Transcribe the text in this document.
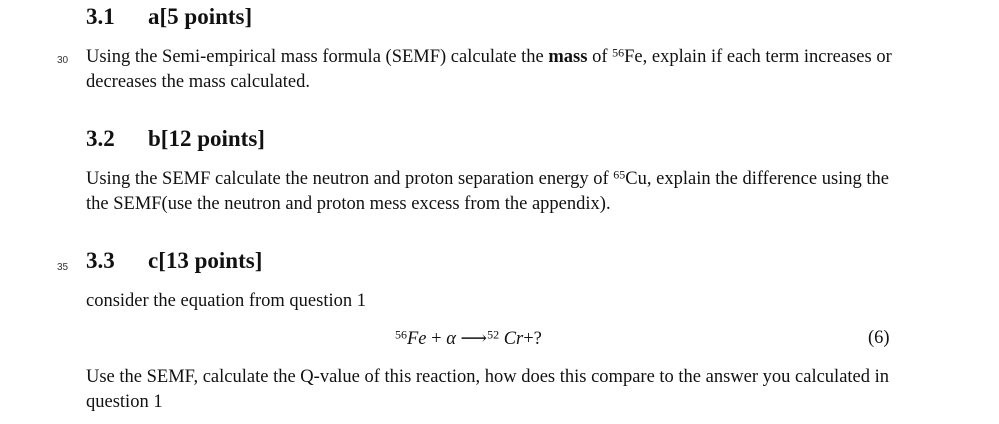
3.1 a[5 points]
30 Using the Semi-empirical mass formula (SEMF) calculate the mass of $^{56}$Fe, explain if each term increases or decreases the mass calculated.
3.2 b[12 points]
Using the SEMF calculate the neutron and proton separation energy of $^{65}$Cu, explain the difference using the the SEMF(use the neutron and proton mess excess from the appendix).
35 3.3 c[13 points]
consider the equation from question 1
$^{56}$Fe + α ⟶$^{52}$ Cr+?	(6)
Use the SEMF, calculate the Q-value of this reaction, how does this compare to the answer you calculated in question 1
